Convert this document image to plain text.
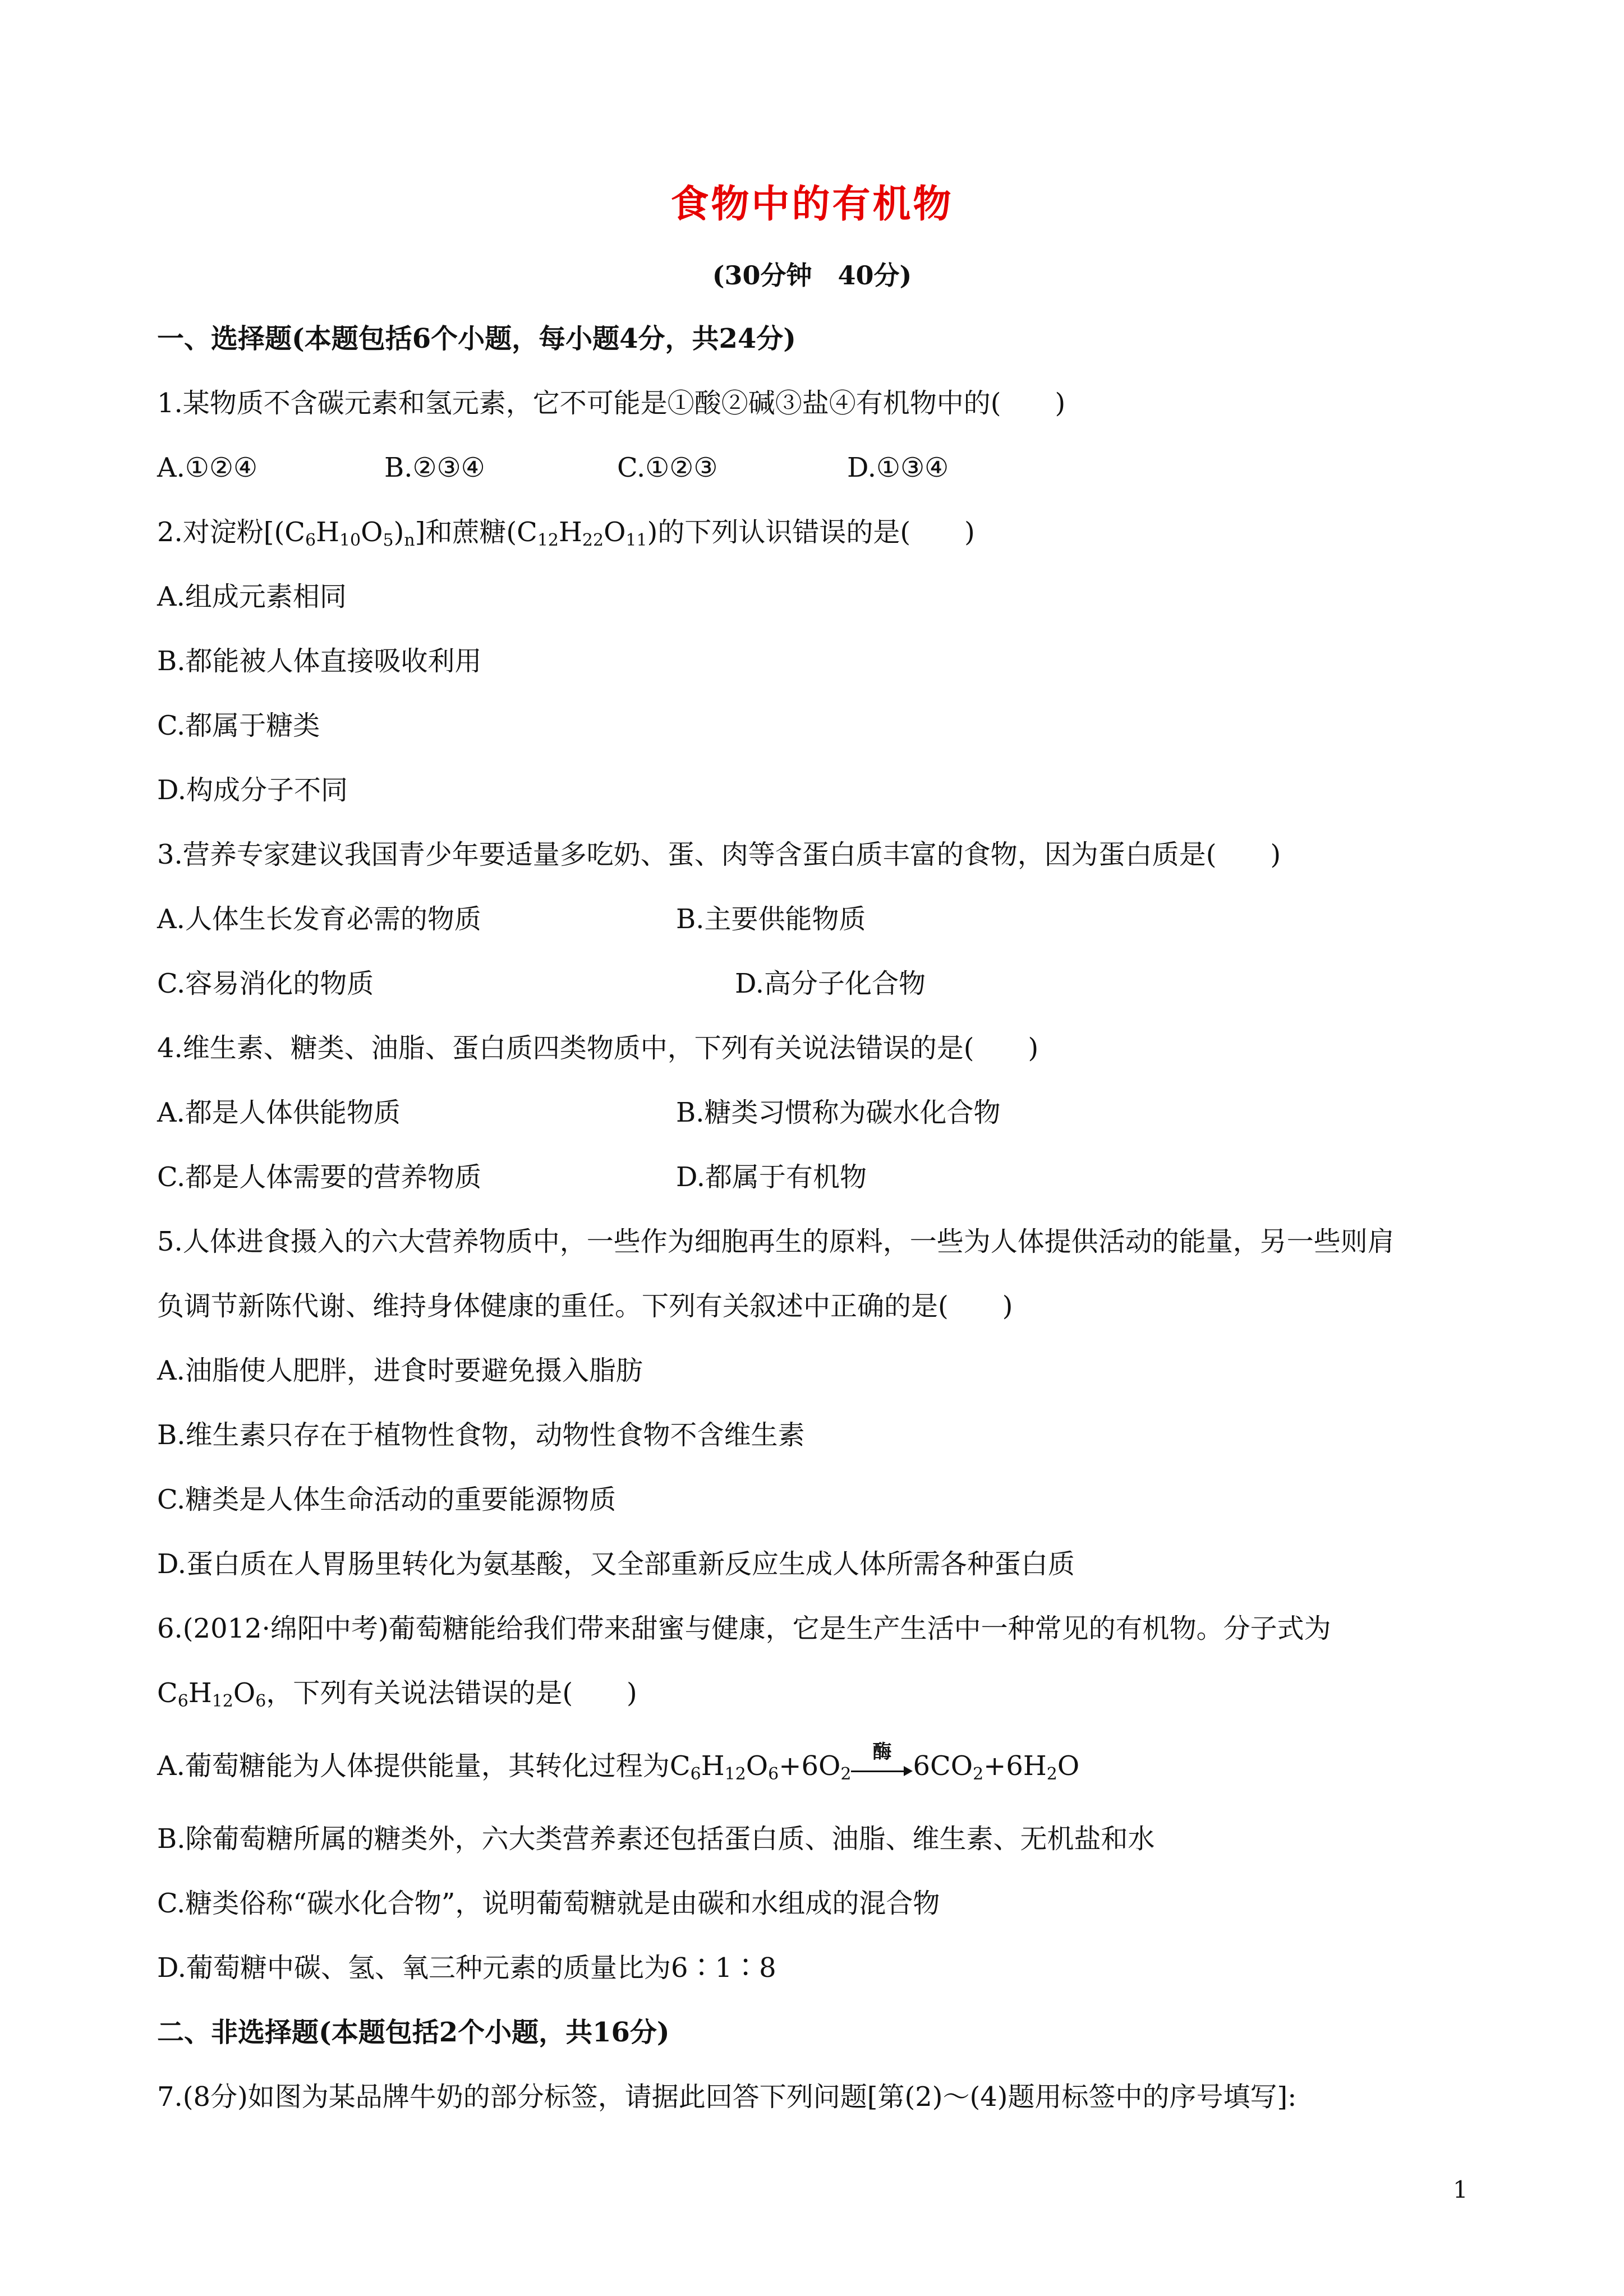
食物中的有机物
(30分钟　40分)
一、选择题(本题包括6个小题，每小题4分，共24分)
1.某物质不含碳元素和氢元素，它不可能是①酸②碱③盐④有机物中的(　　)
A.①②④	B.②③④	C.①②③	D.①③④
2.对淀粉$[(C_6H_{10}O_5)_n]$和蔗糖$(C_{12}H_{22}O_{11})$的下列认识错误的是(　　)
A.组成元素相同
B.都能被人体直接吸收利用
C.都属于糖类
D.构成分子不同
3.营养专家建议我国青少年要适量多吃奶、蛋、肉等含蛋白质丰富的食物，因为蛋白质是(　　)
A.人体生长发育必需的物质	B.主要供能物质
C.容易消化的物质	D.高分子化合物
4.维生素、糖类、油脂、蛋白质四类物质中，下列有关说法错误的是(　　)
A.都是人体供能物质	B.糖类习惯称为碳水化合物
C.都是人体需要的营养物质	D.都属于有机物
5.人体进食摄入的六大营养物质中，一些作为细胞再生的原料，一些为人体提供活动的能量，另一些则肩
负调节新陈代谢、维持身体健康的重任。下列有关叙述中正确的是(　　)
A.油脂使人肥胖，进食时要避免摄入脂肪
B.维生素只存在于植物性食物，动物性食物不含维生素
C.糖类是人体生命活动的重要能源物质
D.蛋白质在人胃肠里转化为氨基酸，又全部重新反应生成人体所需各种蛋白质
6.(2012·绵阳中考)葡萄糖能给我们带来甜蜜与健康，它是生产生活中一种常见的有机物。分子式为
$C_6H_{12}O_6$，下列有关说法错误的是(　　)
A.葡萄糖能为人体提供能量，其转化过程为$C_6H_{12}O_6+6O_2$
酶 $6CO_2+6H_2O$
B.除葡萄糖所属的糖类外，六大类营养素还包括蛋白质、油脂、维生素、无机盐和水
C.糖类俗称“碳水化合物”，说明葡萄糖就是由碳和水组成的混合物
D.葡萄糖中碳、氢、氧三种元素的质量比为6∶1∶8
二、非选择题(本题包括2个小题，共16分)
7.(8分)如图为某品牌牛奶的部分标签，请据此回答下列问题[第(2)～(4)题用标签中的序号填写]:
1
